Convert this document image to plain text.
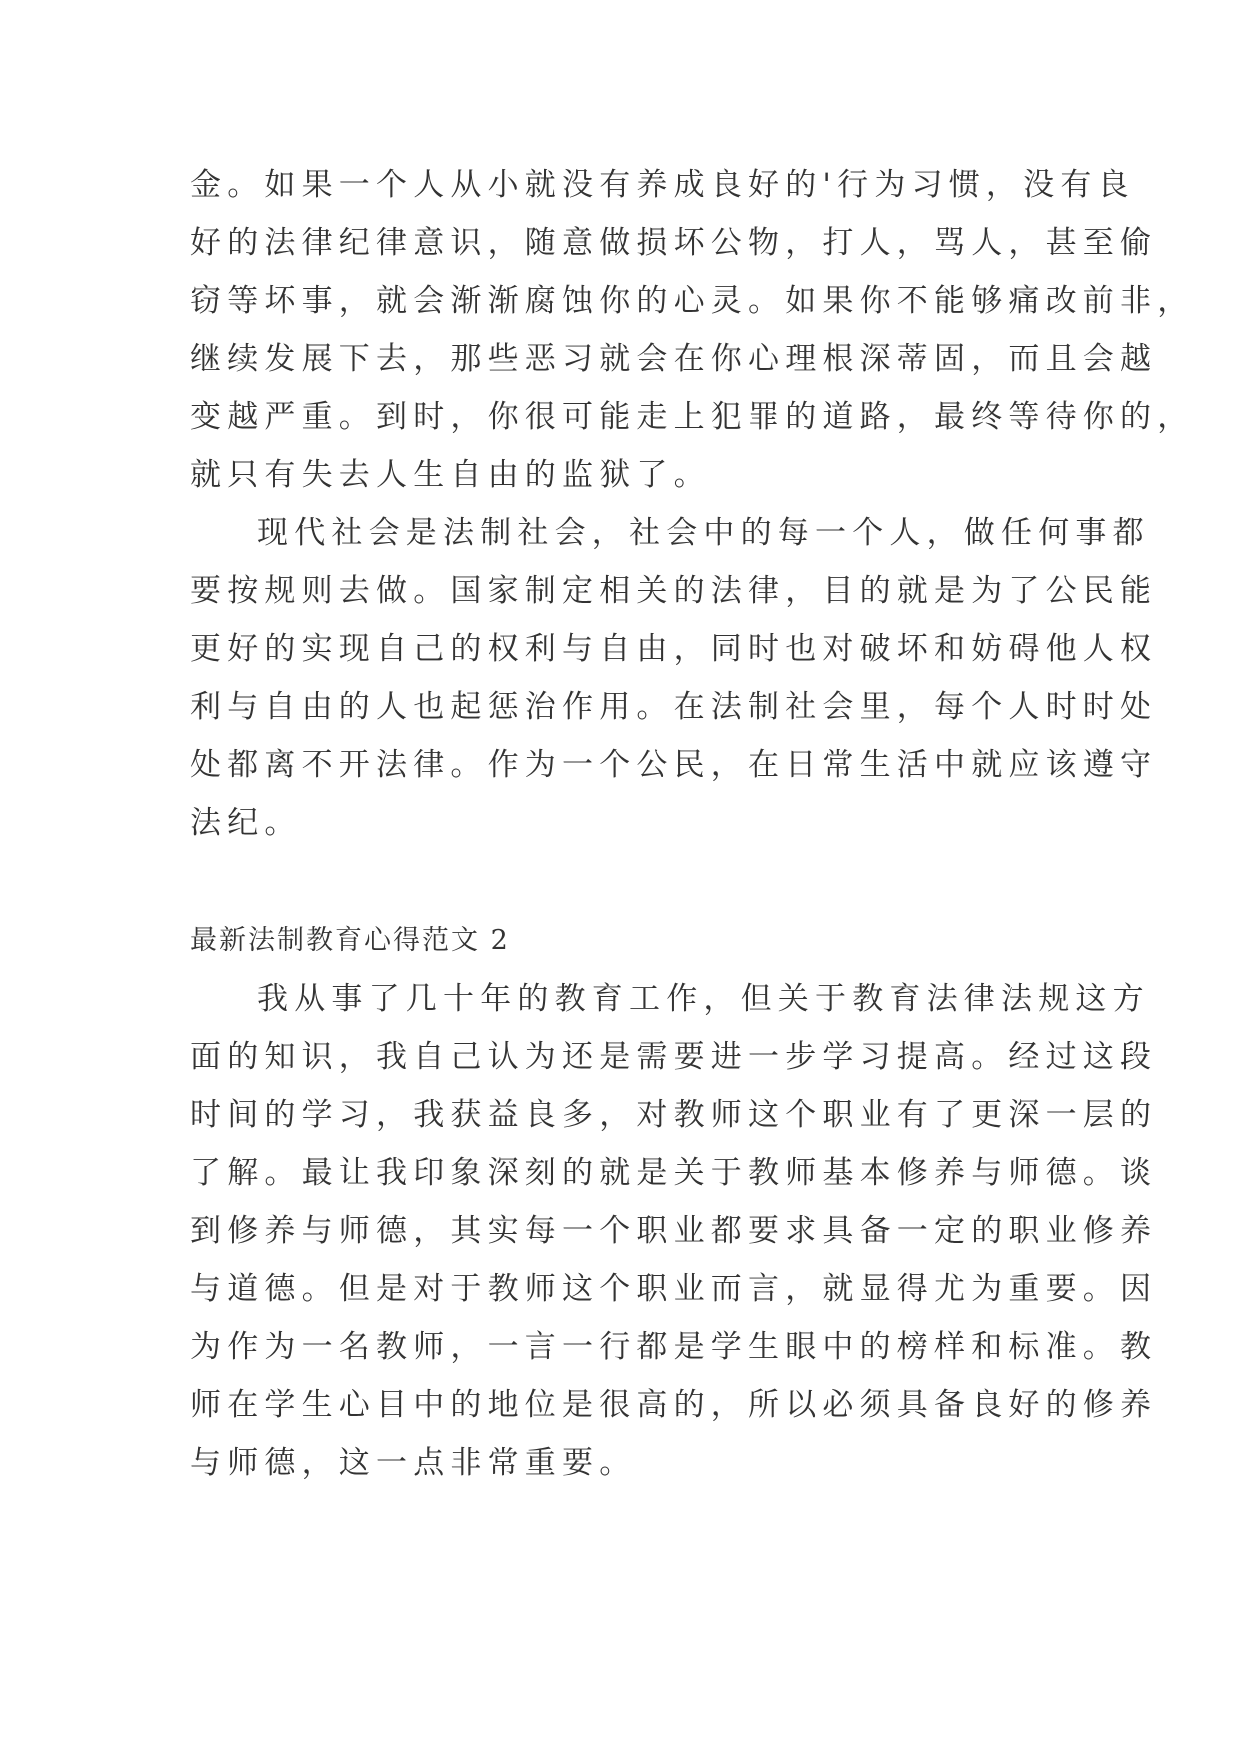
金。如果一个人从小就没有养成良好的'行为习惯，没有良
好的法律纪律意识，随意做损坏公物，打人，骂人，甚至偷
窃等坏事，就会渐渐腐蚀你的心灵。如果你不能够痛改前非，
继续发展下去，那些恶习就会在你心理根深蒂固，而且会越
变越严重。到时，你很可能走上犯罪的道路，最终等待你的，
就只有失去人生自由的监狱了。
现代社会是法制社会，社会中的每一个人，做任何事都
要按规则去做。国家制定相关的法律，目的就是为了公民能
更好的实现自己的权利与自由，同时也对破坏和妨碍他人权
利与自由的人也起惩治作用。在法制社会里，每个人时时处
处都离不开法律。作为一个公民，在日常生活中就应该遵守
法纪。
最新法制教育心得范文 2
我从事了几十年的教育工作，但关于教育法律法规这方
面的知识，我自己认为还是需要进一步学习提高。经过这段
时间的学习，我获益良多，对教师这个职业有了更深一层的
了解。最让我印象深刻的就是关于教师基本修养与师德。谈
到修养与师德，其实每一个职业都要求具备一定的职业修养
与道德。但是对于教师这个职业而言，就显得尤为重要。因
为作为一名教师，一言一行都是学生眼中的榜样和标准。教
师在学生心目中的地位是很高的，所以必须具备良好的修养
与师德，这一点非常重要。
